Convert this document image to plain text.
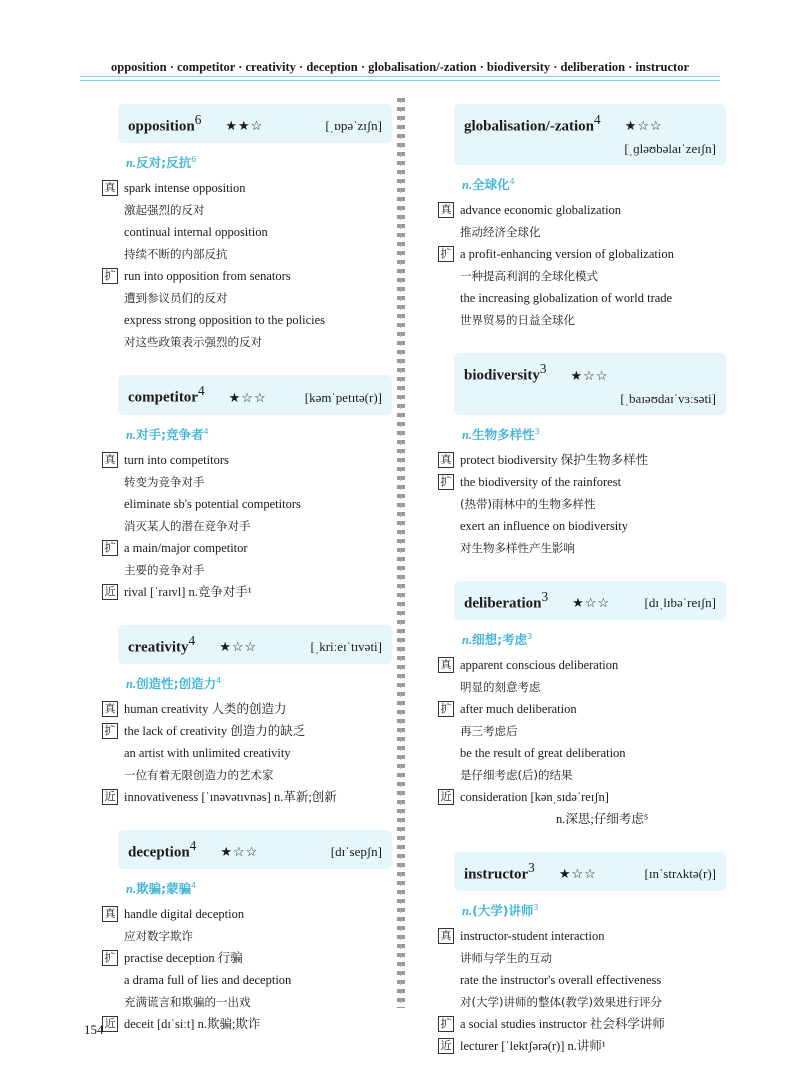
opposition · competitor · creativity · deception · globalisation/-zation · biodiversity · deliberation · instructor
opposition$^6$ ★★☆	[ˌɒpəˈzɪʃn]
n.反对;反抗$^6$
真 spark intense opposition
激起强烈的反对
continual internal opposition
持续不断的内部反抗
扩 run into opposition from senators
遭到参议员们的反对
express strong opposition to the policies
对这些政策表示强烈的反对
competitor$^4$ ★☆☆	[kəmˈpetɪtə(r)]
n.对手;竞争者$^4$
真 turn into competitors
转变为竞争对手
eliminate sb's potential competitors
消灭某人的潜在竞争对手
扩 a main/major competitor
主要的竞争对手
近 rival [ˈraɪvl] n.竞争对手¹
creativity$^4$ ★☆☆	[ˌkriːeɪˈtɪvəti]
n.创造性;创造力$^4$
真 human creativity 人类的创造力
扩 the lack of creativity 创造力的缺乏
an artist with unlimited creativity
一位有着无限创造力的艺术家
近 innovativeness [ˈɪnəvətɪvnəs] n.革新;创新
deception$^4$ ★☆☆	[dɪˈsepʃn]
n.欺骗;蒙骗$^4$
真 handle digital deception
应对数字欺诈
扩 practise deception 行骗
a drama full of lies and deception
充满谎言和欺骗的一出戏
近 deceit [dɪˈsiːt] n.欺骗;欺诈
globalisation/-zation$^4$ ★☆☆
[ˌɡləʊbəlaɪˈzeɪʃn]
n.全球化$^4$
真 advance economic globalization
推动经济全球化
扩 a profit-enhancing version of globalization
一种提高利润的全球化模式
the increasing globalization of world trade
世界贸易的日益全球化
biodiversity$^3$ ★☆☆
[ˌbaɪəʊdaɪˈvɜːsəti]
n.生物多样性$^3$
真 protect biodiversity 保护生物多样性
扩 the biodiversity of the rainforest
(热带)雨林中的生物多样性
exert an influence on biodiversity
对生物多样性产生影响
deliberation$^3$ ★☆☆	[dɪˌlɪbəˈreɪʃn]
n.细想;考虑$^3$
真 apparent conscious deliberation
明显的刻意考虑
扩 after much deliberation
再三考虑后
be the result of great deliberation
是仔细考虑(后)的结果
近 consideration [kənˌsɪdəˈreɪʃn]
n.深思;仔细考虑⁵
instructor$^3$ ★☆☆	[ɪnˈstrʌktə(r)]
n.(大学)讲师$^3$
真 instructor-student interaction
讲师与学生的互动
rate the instructor's overall effectiveness
对(大学)讲师的整体(教学)效果进行评分
扩 a social studies instructor 社会科学讲师
近 lecturer [ˈlektʃərə(r)] n.讲师¹
154
